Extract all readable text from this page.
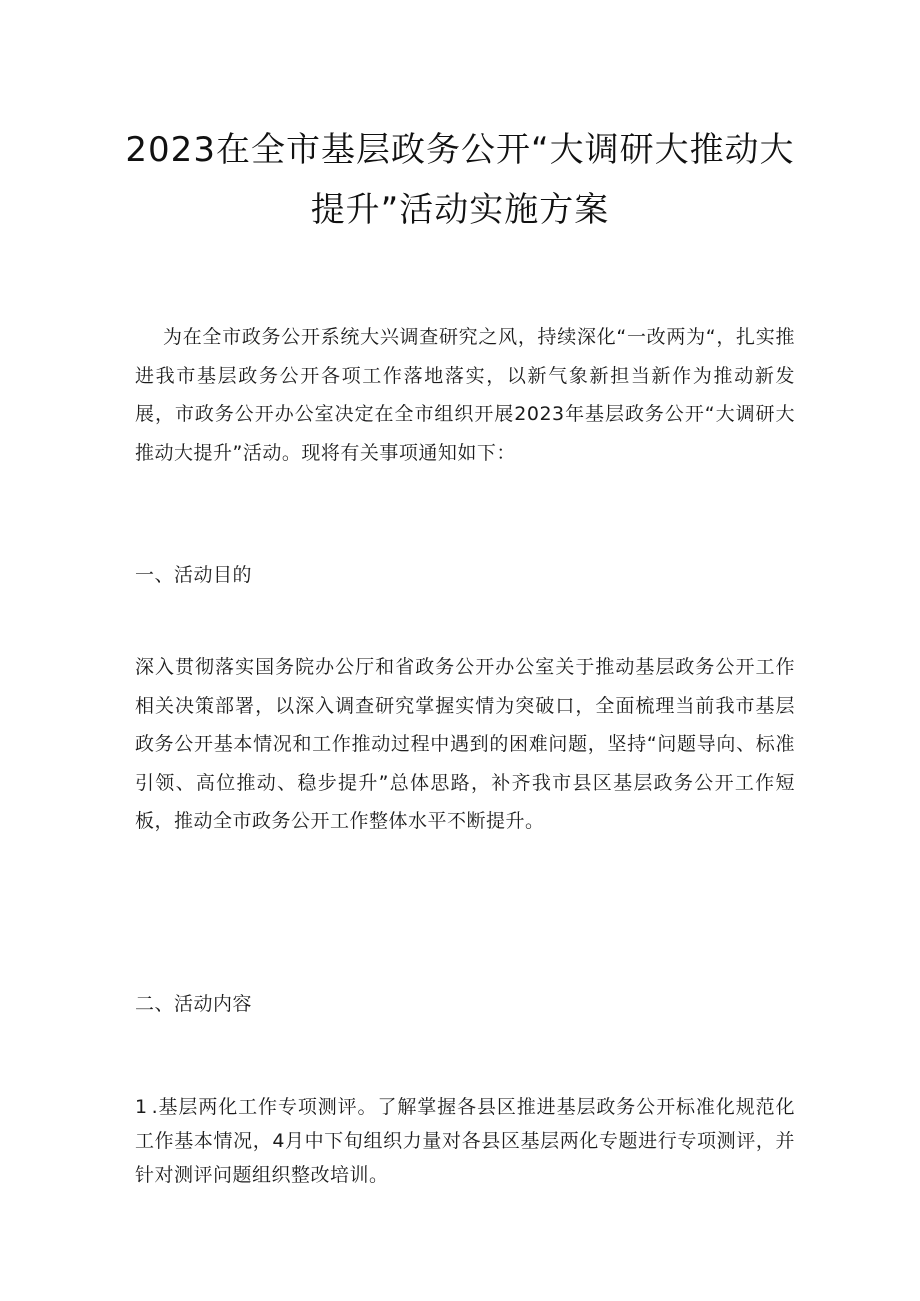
2023在全市基层政务公开“大调研大推动大
提升”活动实施方案
为在全市政务公开系统大兴调查研究之风，持续深化“一改两为“，扎实推进我市基层政务公开各项工作落地落实，以新气象新担当新作为推动新发展，市政务公开办公室决定在全市组织开展2023年基层政务公开“大调研大推动大提升”活动。现将有关事项通知如下：
一、活动目的
深入贯彻落实国务院办公厅和省政务公开办公室关于推动基层政务公开工作相关决策部署，以深入调查研究掌握实情为突破口，全面梳理当前我市基层政务公开基本情况和工作推动过程中遇到的困难问题，坚持“问题导向、标准引领、高位推动、稳步提升”总体思路，补齐我市县区基层政务公开工作短板，推动全市政务公开工作整体水平不断提升。
二、活动内容
1 .基层两化工作专项测评。了解掌握各县区推进基层政务公开标准化规范化工作基本情况，4月中下旬组织力量对各县区基层两化专题进行专项测评，并针对测评问题组织整改培训。
